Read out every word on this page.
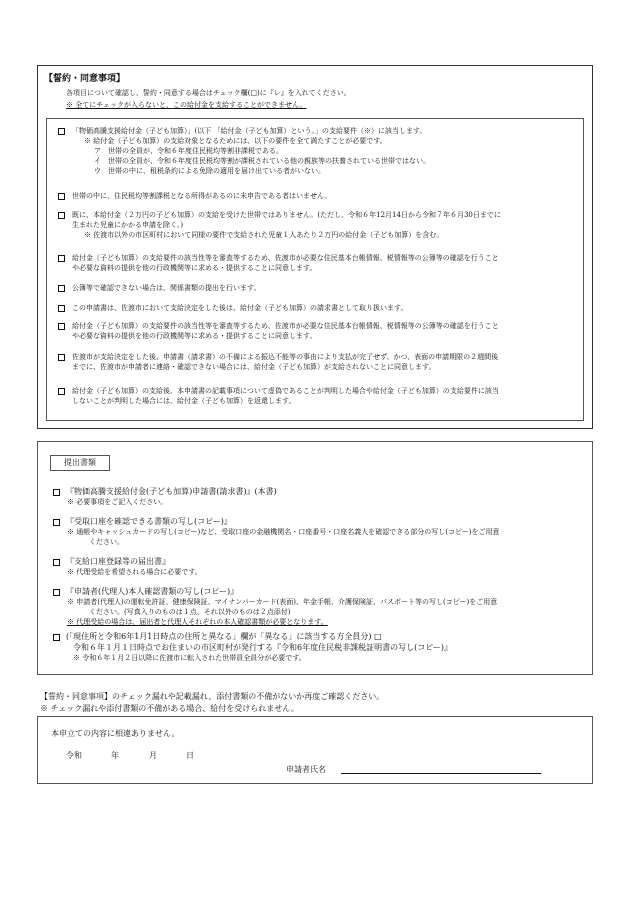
【誓約・同意事項】
各項目について確認し、誓約・同意する場合はチェック欄(□)に『レ』を入れてください。
※ 全てにチェックが入らないと、この給付金を支給することができません。
「物価高騰支援給付金（子ども加算）」(以下 「給付金（子ども加算）という。」の支給要件（※）に該当します。
※ 給付金（子ども加算）の支給対象となるためには、以下の要件を全て満たすことが必要です。
ア　世帯の全員が、令和６年度住民税均等割非課税である。
イ　世帯の全員が、令和６年度住民税均等割が課税されている他の親族等の扶養されている世帯ではない。
ウ　世帯の中に、租税条約による免除の適用を届け出ている者がいない。
世帯の中に、住民税均等割課税となる所得があるのに未申告である者はいません。
既に、本給付金（２万円の子ども加算）の支給を受けた世帯ではありません。(ただし、令和６年12月14日から令和７年６月30日までに
生まれた児童にかかる申請を除く。)
※ 佐渡市以外の市区町村において同様の要件で支給された児童１人あたり２万円の給付金（子ども加算）を含む。
給付金（子ども加算）の支給要件の該当性等を審査等するため、佐渡市が必要な住民基本台帳情報、税情報等の公簿等の確認を行うこと
や必要な資料の提供を他の行政機関等に求める・提供することに同意します。
公簿等で確認できない場合は、関係書類の提出を行います。
この申請書は、佐渡市において支給決定をした後は、給付金（子ども加算）の請求書として取り扱います。
給付金（子ども加算）の支給要件の該当性等を審査等するため、佐渡市が必要な住民基本台帳情報、税情報等の公簿等の確認を行うこと
や必要な資料の提供を他の行政機関等に求める・提供することに同意します。
佐渡市が支給決定をした後、申請書（請求書）の不備による振込不能等の事由により支払が完了せず、かつ、表面の申請期限の２週間後
までに、佐渡市が申請者に連絡・確認できない場合には、給付金（子ども加算）が支給されないことに同意します。
給付金（子ども加算）の支給後、本申請書の記載事項について虚偽であることが判明した場合や給付金（子ども加算）の支給要件に該当
しないことが判明した場合には、給付金（子ども加算）を返還します。
提出書類
『物価高騰支援給付金(子ども加算)申請書(請求書)』(本書)
※ 必要事項をご記入ください。
『受取口座を確認できる書類の写し(コピー)』
※ 通帳やキャッシュカードの写し(コピー)など、受取口座の金融機関名・口座番号・口座名義人を確認できる部分の写し(コピー)をご用意
ください。
『支給口座登録等の届出書』
※ 代理受給を希望される場合に必要です。
『申請者(代理人)本人確認書類の写し(コピー)』
※ 申請者(代理人)の運転免許証、健康保険証、マイナンバーカード(表面)、年金手帳、介護保険証、パスポート等の写し(コピー)をご用意
ください。(写真入りのものは１点、それ以外のものは２点添付)
※ 代理受給の場合は、届出者と代理人それぞれの本人確認書類が必要となります。
(「現住所と令和6年1月1日時点の住所と異なる」欄が「異なる」に該当する方全員分) □
令和６年１月１日時点でお住まいの市区町村が発行する『令和6年度住民税非課税証明書の写し(コピー)』
※ 令和６年１月２日以降に佐渡市に転入された世帯員全員分が必要です。
【誓約・同意事項】のチェック漏れや記載漏れ、添付書類の不備がないか再度ご確認ください。
※ チェック漏れや添付書類の不備がある場合、給付を受けられません。
本申立ての内容に相違ありません。
令和	年	月	日
申請者氏名
